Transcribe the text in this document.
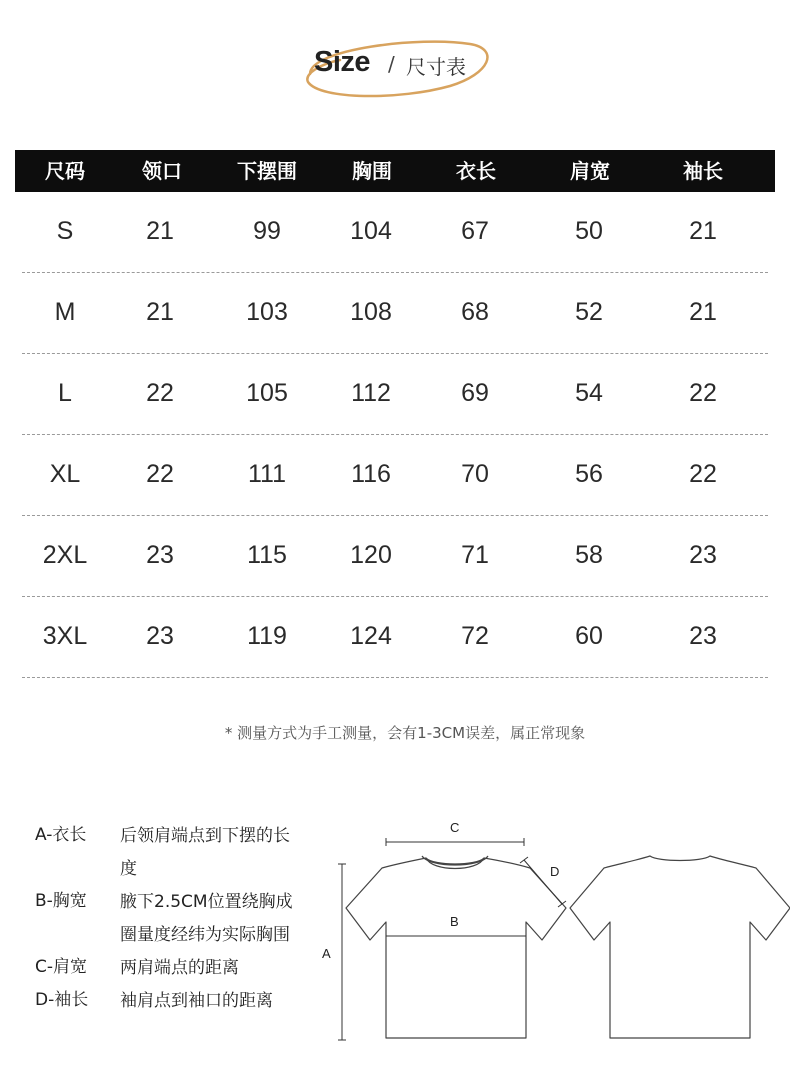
Size / 尺寸表
尺码	领口	下摆围	胸围	衣长	肩宽	袖长
S	21	99	104	67	50	21
M	21	103	108	68	52	21
L	22	105	112	69	54	22
XL	22	111	116	70	56	22
2XL	23	115	120	71	58	23
3XL	23	119	124	72	60	23
* 测量方式为手工测量，会有1-3CM误差，属正常现象
A-衣长 后领肩端点到下摆的长度
B-胸宽 腋下2.5CM位置绕胸成圈量度经纬为实际胸围
C-肩宽 两肩端点的距离
D-袖长 袖肩点到袖口的距离
C
D
B
A
